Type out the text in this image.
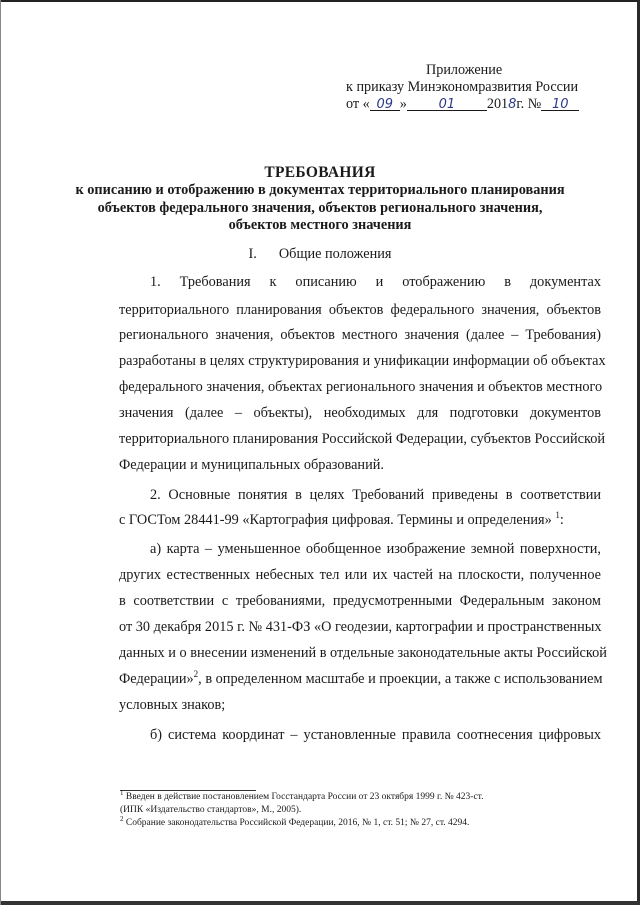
Приложение
к приказу Минэкономразвития России
от « 09 » 01 2018г. № 10
ТРЕБОВАНИЯ
к описанию и отображению в документах территориального планирования
объектов федерального значения, объектов регионального значения,
объектов местного значения
I. Общие положения
1. Требования к описанию и отображению в документах
территориального планирования объектов федерального значения, объектов
регионального значения, объектов местного значения (далее – Требования)
разработаны в целях структурирования и унификации информации об объектах
федерального значения, объектах регионального значения и объектов местного
значения (далее – объекты), необходимых для подготовки документов
территориального планирования Российской Федерации, субъектов Российской
Федерации и муниципальных образований.
2. Основные понятия в целях Требований приведены в соответствии
с ГОСТом 28441-99 «Картография цифровая. Термины и определения» $^1$:
а) карта – уменьшенное обобщенное изображение земной поверхности,
других естественных небесных тел или их частей на плоскости, полученное
в соответствии с требованиями, предусмотренными Федеральным законом
от 30 декабря 2015 г. № 431-ФЗ «О геодезии, картографии и пространственных
данных и о внесении изменений в отдельные законодательные акты Российской
Федерации»$^2$, в определенном масштабе и проекции, а также с использованием
условных знаков;
б) система координат – установленные правила соотнесения цифровых
$^1$ Введен в действие постановлением Госстандарта России от 23 октября 1999 г. № 423-ст.
(ИПК «Издательство стандартов», М., 2005).
$^2$ Собрание законодательства Российской Федерации, 2016, № 1, ст. 51; № 27, ст. 4294.
